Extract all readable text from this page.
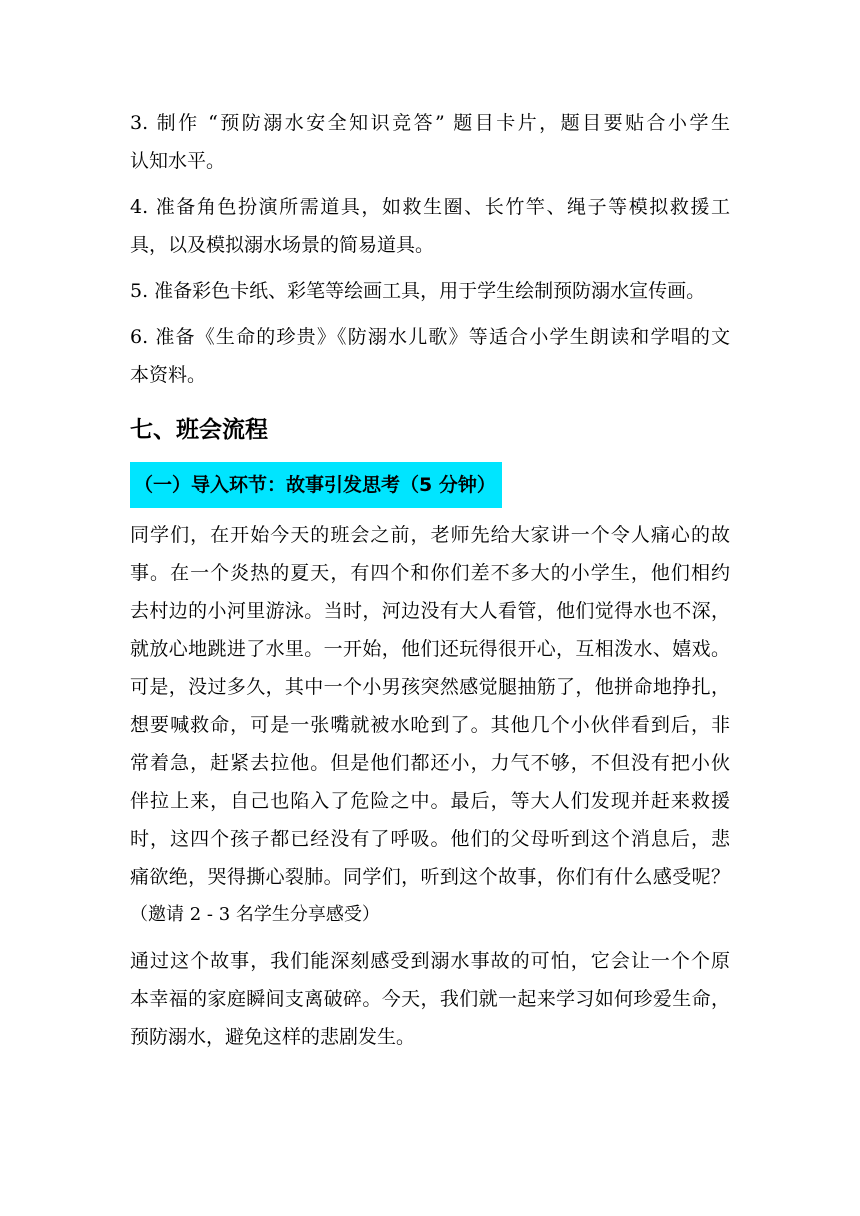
3. 制作 “预防溺水安全知识竞答” 题目卡片，题目要贴合小学生
认知水平。
4. 准备角色扮演所需道具，如救生圈、长竹竿、绳子等模拟救援工
具，以及模拟溺水场景的简易道具。
5. 准备彩色卡纸、彩笔等绘画工具，用于学生绘制预防溺水宣传画。
6. 准备《生命的珍贵》《防溺水儿歌》等适合小学生朗读和学唱的文
本资料。
七、班会流程
（一）导入环节：故事引发思考（5 分钟）
同学们，在开始今天的班会之前，老师先给大家讲一个令人痛心的故
事。在一个炎热的夏天，有四个和你们差不多大的小学生，他们相约
去村边的小河里游泳。当时，河边没有大人看管，他们觉得水也不深，
就放心地跳进了水里。一开始，他们还玩得很开心，互相泼水、嬉戏。
可是，没过多久，其中一个小男孩突然感觉腿抽筋了，他拼命地挣扎，
想要喊救命，可是一张嘴就被水呛到了。其他几个小伙伴看到后，非
常着急，赶紧去拉他。但是他们都还小，力气不够，不但没有把小伙
伴拉上来，自己也陷入了危险之中。最后，等大人们发现并赶来救援
时，这四个孩子都已经没有了呼吸。他们的父母听到这个消息后，悲
痛欲绝，哭得撕心裂肺。同学们，听到这个故事，你们有什么感受呢？
（邀请 2 - 3 名学生分享感受）
通过这个故事，我们能深刻感受到溺水事故的可怕，它会让一个个原
本幸福的家庭瞬间支离破碎。今天，我们就一起来学习如何珍爱生命，
预防溺水，避免这样的悲剧发生。
